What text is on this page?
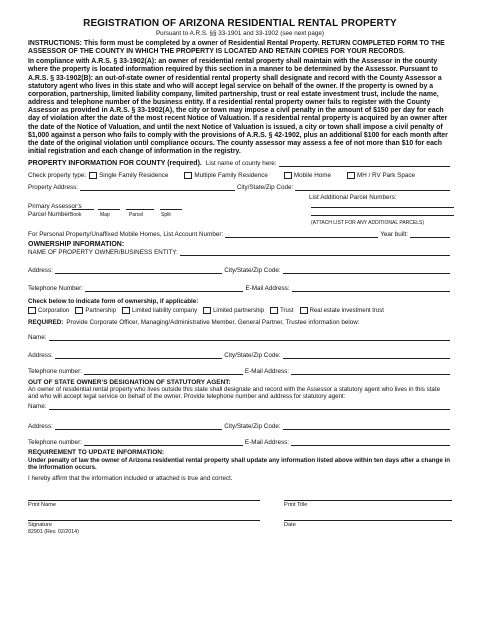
REGISTRATION OF ARIZONA RESIDENTIAL RENTAL PROPERTY
Pursuant to A.R.S. §§ 33-1901 and 33-1902 (see next page)
INSTRUCTIONS: This form must be completed by a owner of Residential Rental Property. RETURN COMPLETED FORM TO THE ASSESSOR OF THE COUNTY IN WHICH THE PROPERTY IS LOCATED AND RETAIN COPIES FOR YOUR RECORDS.
In compliance with A.R.S. § 33-1902(A): an owner of residential rental property shall maintain with the Assessor in the county where the property is located information required by this section in a manner to be determined by the Assessor. Pursuant to A.R.S. § 33-1902(B): an out-of-state owner of residential rental property shall designate and record with the County Assessor a statutory agent who lives in this state and who will accept legal service on behalf of the owner. If the property is owned by a corporation, partnership, limited liability company, limited partnership, trust or real estate investment trust, include the name, address and telephone number of the business entity. If a residential rental property owner fails to register with the County Assessor as provided in A.R.S. § 33-1902(A), the city or town may impose a civil penalty in the amount of $150 per day for each day of violation after the date of the most recent Notice of Valuation. If a residential rental property is acquired by an owner after the date of the Notice of Valuation, and until the next Notice of Valuation is issued, a city or town shall impose a civil penalty of $1,000 against a person who fails to comply with the provisions of A.R.S. § 42-1902, plus an additional $100 for each month after the date of the original violation until compliance occurs. The county assessor may assess a fee of not more than $10 for each initial registration and each change of information in the registry.
PROPERTY INFORMATION FOR COUNTY (required). List name of county here:
Check property type: Single Family Residence	Multiple Family Residence	Mobile Home	MH / RV Park Space
Property Address:	City/State/Zip Code:
List Additional Parcel Numbers:
Primary Assessor’s
Parcel Number Book	Map	Parcel	Split
(ATTACH LIST FOR ANY ADDITIONAL PARCELS)
For Personal Property/Unaffixed Mobile Homes, List Account Number:	Year built:
OWNERSHIP INFORMATION:
NAME OF PROPERTY OWNER/BUSINESS ENTITY:
Address:	City/State/Zip Code:
Telephone Number:	E-Mail Address:
Check below to indicate form of ownership, if applicable:
Corporation	Partnership	Limited liability company	Limited partnership	Trust	Real estate investment trust
REQUIRED: Provide Corporate Officer, Managing/Administrative Member, General Partner, Trustee information below:
Name:
Address:	City/State/Zip Code:
Telephone number:	E-Mail Address:
OUT OF STATE OWNER’S DESIGNATION OF STATUTORY AGENT:
An owner of residential rental property who lives outside this state shall designate and record with the Assessor a statutory agent who lives in this state and who will accept legal service on behalf of the owner. Provide telephone number and address for statutory agent:
Name:
Address:	City/State/Zip Code:
Telephone number:	E-Mail Address:
REQUIREMENT TO UPDATE INFORMATION:
Under penalty of law the owner of Arizona residential rental property shall update any information listed above within ten days after a change in the information occurs.
I hereby affirm that the information included or attached is true and correct.
Print Name	Print Title
Signature	Date
82901 (Rev. 02/2014)
